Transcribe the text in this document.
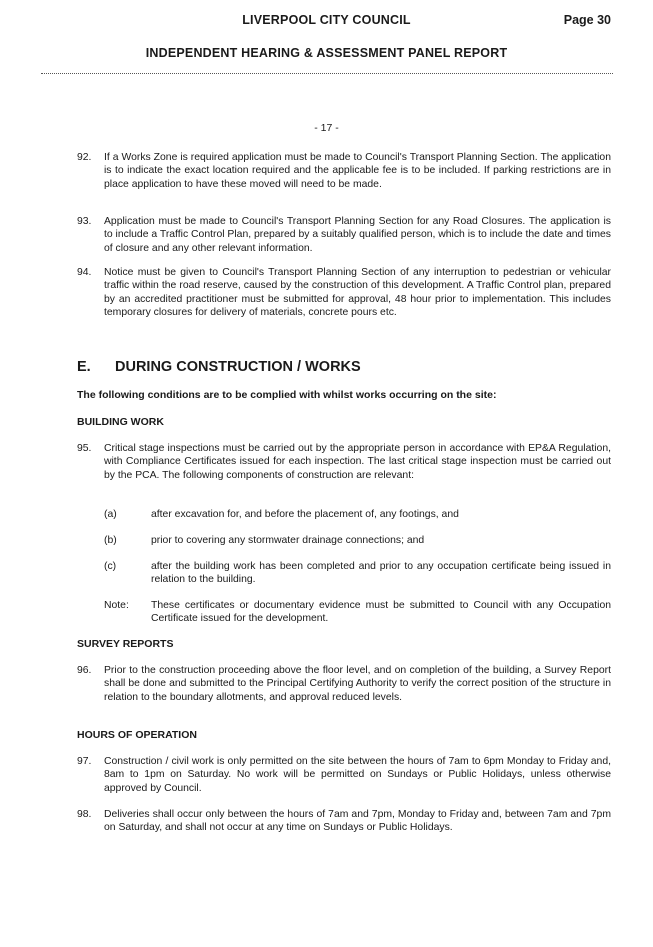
LIVERPOOL CITY COUNCIL	Page 30
INDEPENDENT HEARING & ASSESSMENT PANEL REPORT
- 17 -
92. If a Works Zone is required application must be made to Council's Transport Planning Section. The application is to indicate the exact location required and the applicable fee is to be included. If parking restrictions are in place application to have these moved will need to be made.
93. Application must be made to Council's Transport Planning Section for any Road Closures. The application is to include a Traffic Control Plan, prepared by a suitably qualified person, which is to include the date and times of closure and any other relevant information.
94. Notice must be given to Council's Transport Planning Section of any interruption to pedestrian or vehicular traffic within the road reserve, caused by the construction of this development. A Traffic Control plan, prepared by an accredited practitioner must be submitted for approval, 48 hour prior to implementation. This includes temporary closures for delivery of materials, concrete pours etc.
E. DURING CONSTRUCTION / WORKS
The following conditions are to be complied with whilst works occurring on the site:
BUILDING WORK
95. Critical stage inspections must be carried out by the appropriate person in accordance with EP&A Regulation, with Compliance Certificates issued for each inspection. The last critical stage inspection must be carried out by the PCA. The following components of construction are relevant:
(a)	after excavation for, and before the placement of, any footings, and
(b)	prior to covering any stormwater drainage connections; and
(c)	after the building work has been completed and prior to any occupation certificate being issued in relation to the building.
Note: These certificates or documentary evidence must be submitted to Council with any Occupation Certificate issued for the development.
SURVEY REPORTS
96. Prior to the construction proceeding above the floor level, and on completion of the building, a Survey Report shall be done and submitted to the Principal Certifying Authority to verify the correct position of the structure in relation to the boundary allotments, and approval reduced levels.
HOURS OF OPERATION
97. Construction / civil work is only permitted on the site between the hours of 7am to 6pm Monday to Friday and, 8am to 1pm on Saturday. No work will be permitted on Sundays or Public Holidays, unless otherwise approved by Council.
98. Deliveries shall occur only between the hours of 7am and 7pm, Monday to Friday and, between 7am and 7pm on Saturday, and shall not occur at any time on Sundays or Public Holidays.
